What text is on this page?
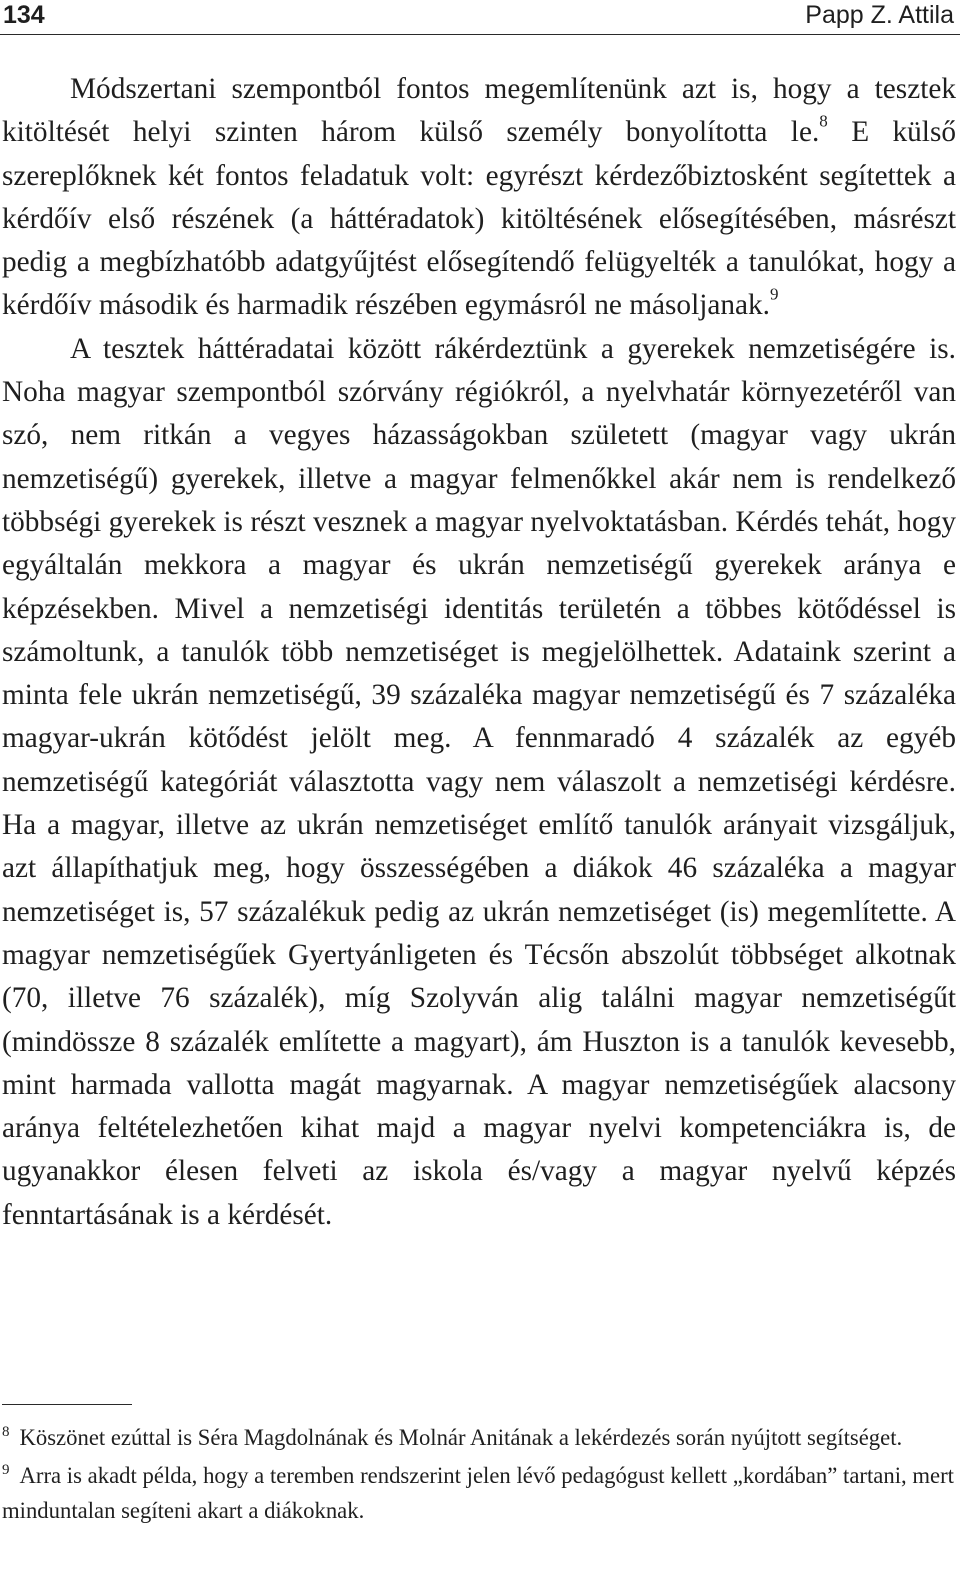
134	Papp Z. Attila

Módszertani szempontból fontos megemlítenünk azt is, hogy a tesztek kitöltését helyi szinten három külső személy bonyolította le.$^8$ E külső szereplőknek két fontos feladatuk volt: egyrészt kérdezőbiztosként segítettek a kérdőív első részének (a háttéradatok) kitöltésének elősegítésében, másrészt pedig a megbízhatóbb adatgyűjtést elősegítendő felügyelték a tanulókat, hogy a kérdőív második és harmadik részében egymásról ne másoljanak.$^9$

A tesztek háttéradatai között rákérdeztünk a gyerekek nemzetiségére is. Noha magyar szempontból szórvány régiókról, a nyelvhatár környezetéről van szó, nem ritkán a vegyes házasságokban született (magyar vagy ukrán nemzetiségű) gyerekek, illetve a magyar felmenőkkel akár nem is rendelkező többségi gyerekek is részt vesznek a magyar nyelvoktatásban. Kérdés tehát, hogy egyáltalán mekkora a magyar és ukrán nemzetiségű gyerekek aránya e képzésekben. Mivel a nemzetiségi identitás területén a többes kötődéssel is számoltunk, a tanulók több nemzetiséget is megjelölhettek. Adataink szerint a minta fele ukrán nemzetiségű, 39 százaléka magyar nemzetiségű és 7 százaléka magyar-ukrán kötődést jelölt meg. A fennmaradó 4 százalék az egyéb nemzetiségű kategóriát választotta vagy nem válaszolt a nemzetiségi kérdésre. Ha a magyar, illetve az ukrán nemzetiséget említő tanulók arányait vizsgáljuk, azt állapíthatjuk meg, hogy összességében a diákok 46 százaléka a magyar nemzetiséget is, 57 százalékuk pedig az ukrán nemzetiséget (is) megemlítette. A magyar nemzetiségűek Gyertyánligeten és Técsőn abszolút többséget alkotnak (70, illetve 76 százalék), míg Szolyván alig találni magyar nemzetiségűt (mindössze 8 százalék említette a magyart), ám Huszton is a tanulók kevesebb, mint harmada vallotta magát magyarnak. A magyar nemzetiségűek alacsony aránya feltételezhetően kihat majd a magyar nyelvi kompetenciákra is, de ugyanakkor élesen felveti az iskola és/vagy a magyar nyelvű képzés fenntartásának is a kérdését.

$^8$ Köszönet ezúttal is Séra Magdolnának és Molnár Anitának a lekérdezés során nyújtott segítséget.

$^9$ Arra is akadt példa, hogy a teremben rendszerint jelen lévő pedagógust kellett „kordában” tartani, mert minduntalan segíteni akart a diákoknak.
